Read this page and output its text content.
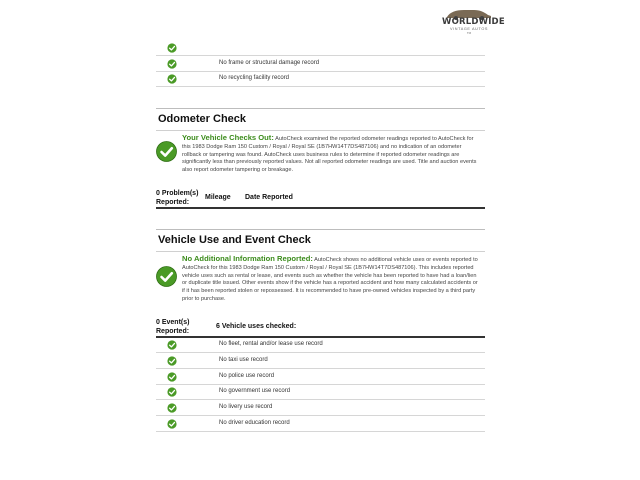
WORLDWIDE
VINTAGE AUTOS
TM
No frame or structural damage record
No recycling facility record
Odometer Check
Your Vehicle Checks Out: AutoCheck examined the reported odometer readings reported to AutoCheck for this 1983 Dodge Ram 150 Custom / Royal / Royal SE (1B7HW14T7DS487106) and no indication of an odometer rollback or tampering was found. AutoCheck uses business rules to determine if reported odometer readings are significantly less than previously reported values. Not all reported odometer readings are used. Title and auction events also report odometer tampering or breakage.
0 Problem(s) Reported:
Mileage Date Reported
Vehicle Use and Event Check
No Additional Information Reported: AutoCheck shows no additional vehicle uses or events reported to AutoCheck for this 1983 Dodge Ram 150 Custom / Royal / Royal SE (1B7HW14T7DS487106). This includes reported vehicle uses such as rental or lease, and events such as whether the vehicle has been reported to have had a loan/lien or duplicate title issued. Other events show if the vehicle has a reported accident and how many calculated accidents or if it has been reported stolen or repossessed. It is recommended to have pre-owned vehicles inspected by a third party prior to purchase.
0 Event(s) Reported:
6 Vehicle uses checked:
No fleet, rental and/or lease use record
No taxi use record
No police use record
No government use record
No livery use record
No driver education record
